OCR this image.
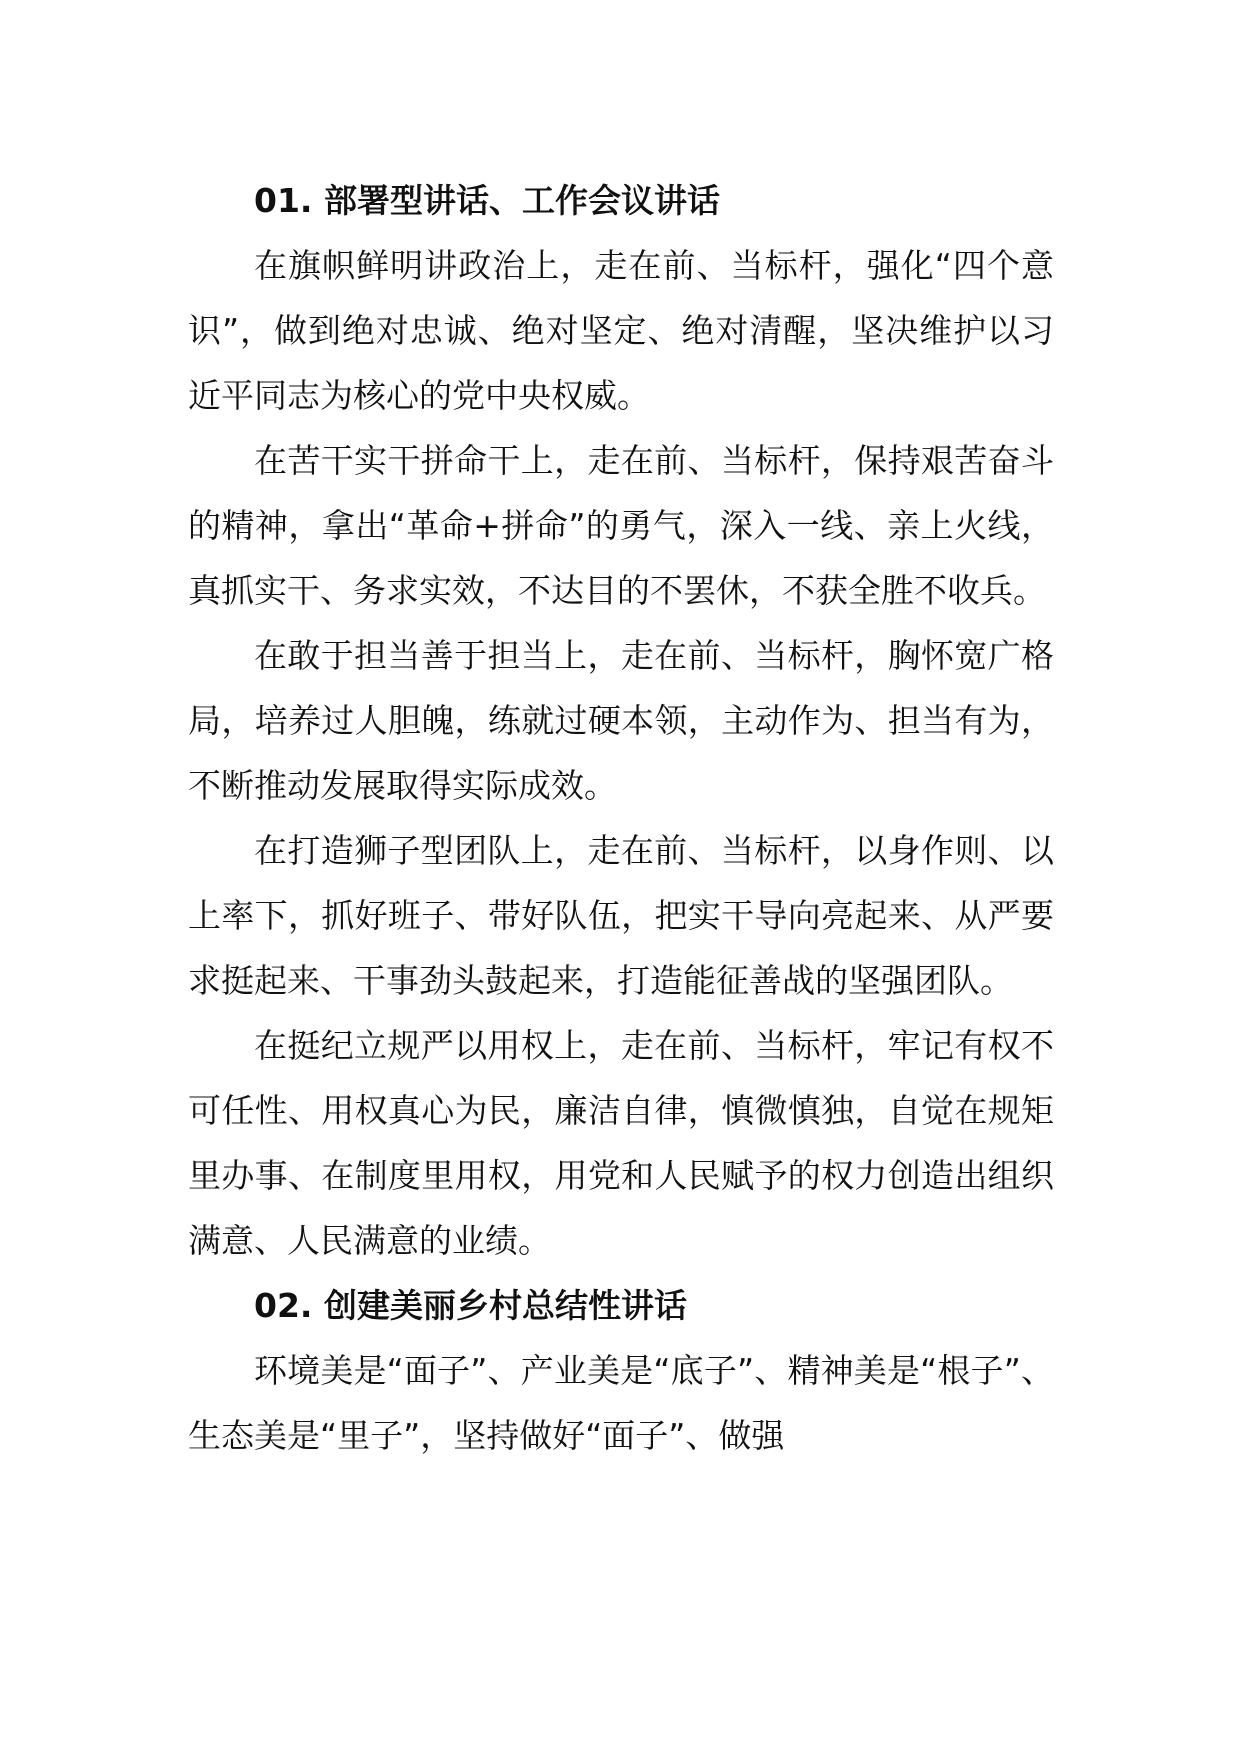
01. 部署型讲话、工作会议讲话

在旗帜鲜明讲政治上，走在前、当标杆，强化“四个意识”，做到绝对忠诚、绝对坚定、绝对清醒，坚决维护以习近平同志为核心的党中央权威。

在苦干实干拼命干上，走在前、当标杆，保持艰苦奋斗的精神，拿出“革命+拼命”的勇气，深入一线、亲上火线，真抓实干、务求实效，不达目的不罢休，不获全胜不收兵。

在敢于担当善于担当上，走在前、当标杆，胸怀宽广格局，培养过人胆魄，练就过硬本领，主动作为、担当有为，不断推动发展取得实际成效。

在打造狮子型团队上，走在前、当标杆，以身作则、以上率下，抓好班子、带好队伍，把实干导向亮起来、从严要求挺起来、干事劲头鼓起来，打造能征善战的坚强团队。

在挺纪立规严以用权上，走在前、当标杆，牢记有权不可任性、用权真心为民，廉洁自律，慎微慎独，自觉在规矩里办事、在制度里用权，用党和人民赋予的权力创造出组织满意、人民满意的业绩。

02. 创建美丽乡村总结性讲话

环境美是“面子”、产业美是“底子”、精神美是“根子”、生态美是“里子”，坚持做好“面子”、做强
